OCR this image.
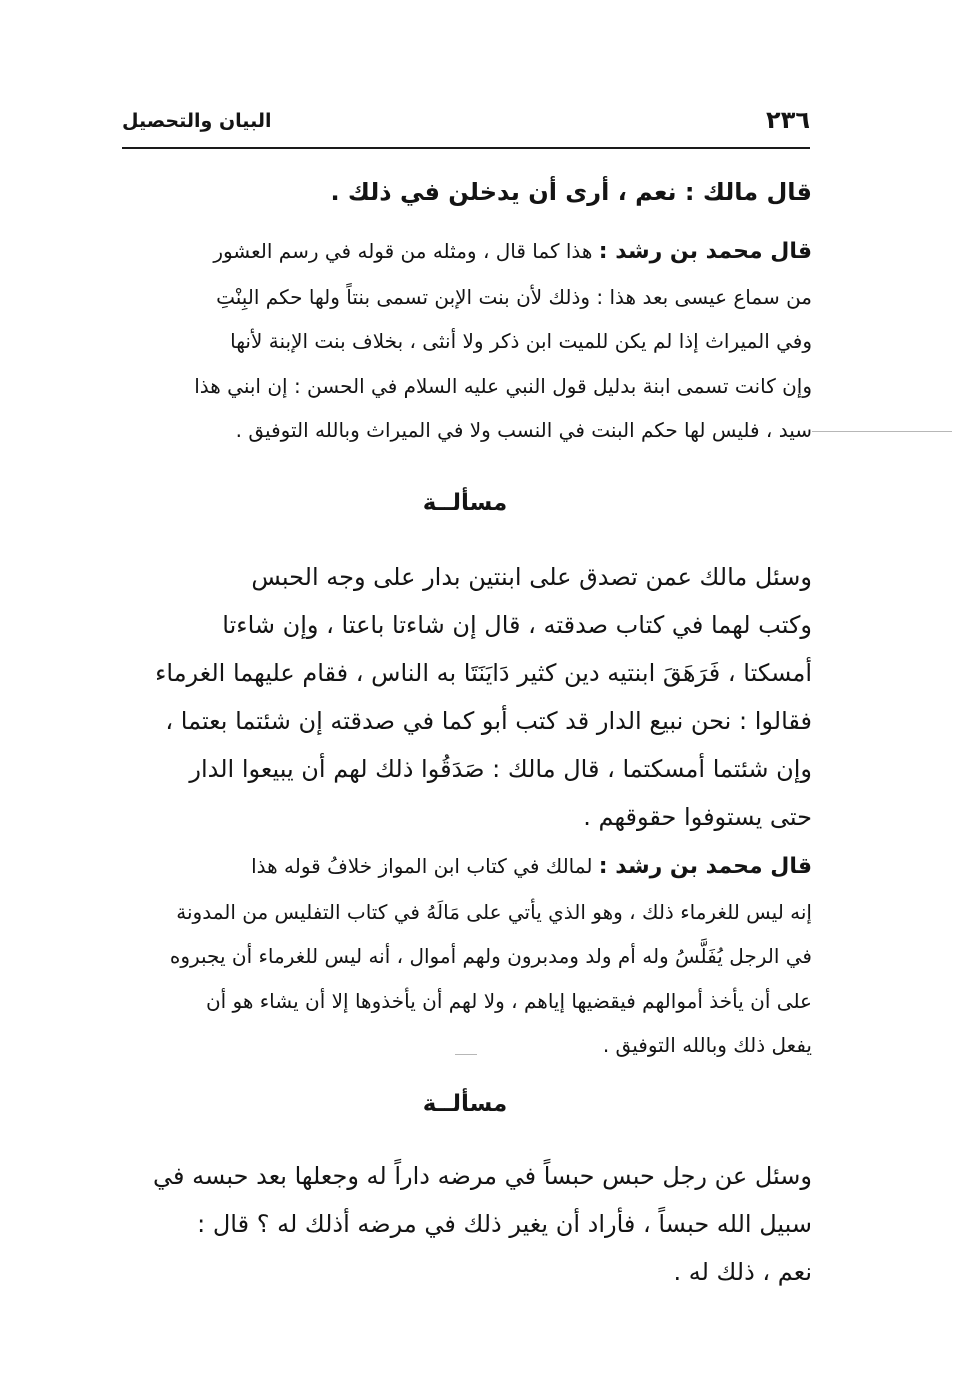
٢٣٦
البيان والتحصيل
قال مالك : نعم ، أرى أن يدخلن في ذلك .
قال محمد بن رشد : هذا كما قال ، ومثله من قوله في رسم العشور
من سماع عيسى بعد هذا : وذلك لأن بنت الإبن تسمى بنتاً ولها حكم البِنْتِ
وفي الميراث إذا لم يكن للميت ابن ذكر ولا أنثى ، بخلاف بنت الإبنة لأنها
وإن كانت تسمى ابنة بدليل قول النبي عليه السلام في الحسن : إن ابني هذا
سيد ، فليس لها حكم البنت في النسب ولا في الميراث وبالله التوفيق .
مسألــة
وسئل مالك عمن تصدق على ابنتين بدار على وجه الحبس
وكتب لهما في كتاب صدقته ، قال إن شاءتا باعتا ، وإن شاءتا
أمسكتا ، فَرَهَقَ ابنتيه دين كثير دَايَنَتَا به الناس ، فقام عليهما الغرماء
فقالوا : نحن نبيع الدار قد كتب أبو كما في صدقته إن شئتما بعتما ،
وإن شئتما أمسكتما ، قال مالك : صَدَقُوا ذلك لهم أن يبيعوا الدار
حتى يستوفوا حقوقهم .
قال محمد بن رشد : لمالك في كتاب ابن المواز خلافُ قوله هذا
إنه ليس للغرماء ذلك ، وهو الذي يأتي على مَالَهُ في كتاب التفليس من المدونة
في الرجل يُفَلَّسُ وله أم ولد ومدبرون ولهم أموال ، أنه ليس للغرماء أن يجبروه
على أن يأخذ أموالهم فيقضيها إياهم ، ولا لهم أن يأخذوها إلا أن يشاء هو أن
يفعل ذلك وبالله التوفيق .
مسألــة
وسئل عن رجل حبس حبساً في مرضه داراً له وجعلها بعد حبسه في
سبيل الله حبساً ، فأراد أن يغير ذلك في مرضه أذلك له ؟ قال :
نعم ، ذلك له .
